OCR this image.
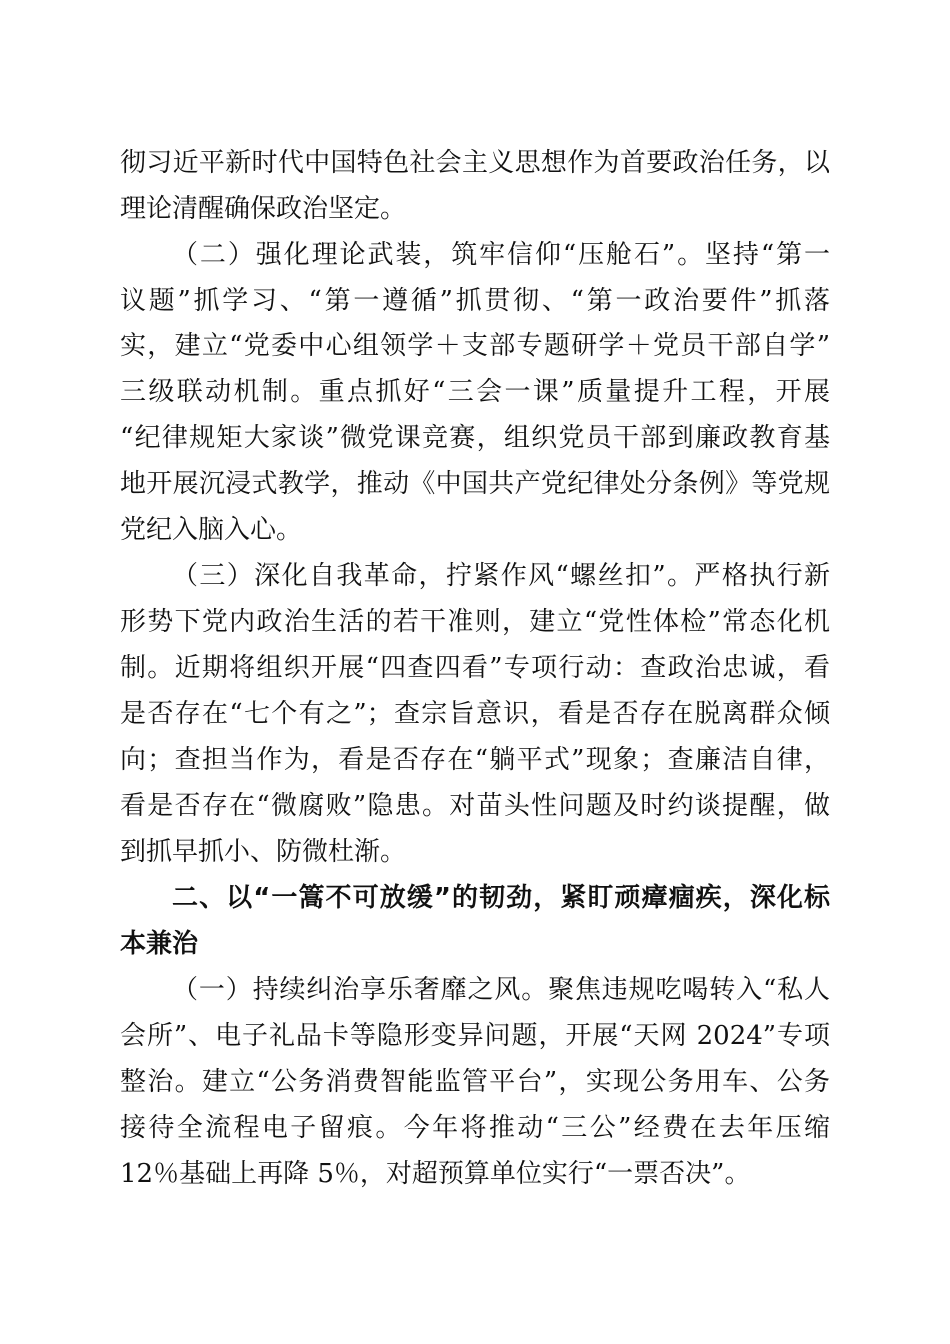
彻习近平新时代中国特色社会主义思想作为首要政治任务，以
理论清醒确保政治坚定。
（二）强化理论武装，筑牢信仰“压舱石”。坚持“第一
议题”抓学习、“第一遵循”抓贯彻、“第一政治要件”抓落
实，建立“党委中心组领学＋支部专题研学＋党员干部自学”
三级联动机制。重点抓好“三会一课”质量提升工程，开展
“纪律规矩大家谈”微党课竞赛，组织党员干部到廉政教育基
地开展沉浸式教学，推动《中国共产党纪律处分条例》等党规
党纪入脑入心。
（三）深化自我革命，拧紧作风“螺丝扣”。严格执行新
形势下党内政治生活的若干准则，建立“党性体检”常态化机
制。近期将组织开展“四查四看”专项行动：查政治忠诚，看
是否存在“七个有之”；查宗旨意识，看是否存在脱离群众倾
向；查担当作为，看是否存在“躺平式”现象；查廉洁自律，
看是否存在“微腐败”隐患。对苗头性问题及时约谈提醒，做
到抓早抓小、防微杜渐。
二、以“一篙不可放缓”的韧劲，紧盯顽瘴痼疾，深化标
本兼治
（一）持续纠治享乐奢靡之风。聚焦违规吃喝转入“私人
会所”、电子礼品卡等隐形变异问题，开展“天网 2024”专项
整治。建立“公务消费智能监管平台”，实现公务用车、公务
接待全流程电子留痕。今年将推动“三公”经费在去年压缩
12％基础上再降 5％，对超预算单位实行“一票否决”。
